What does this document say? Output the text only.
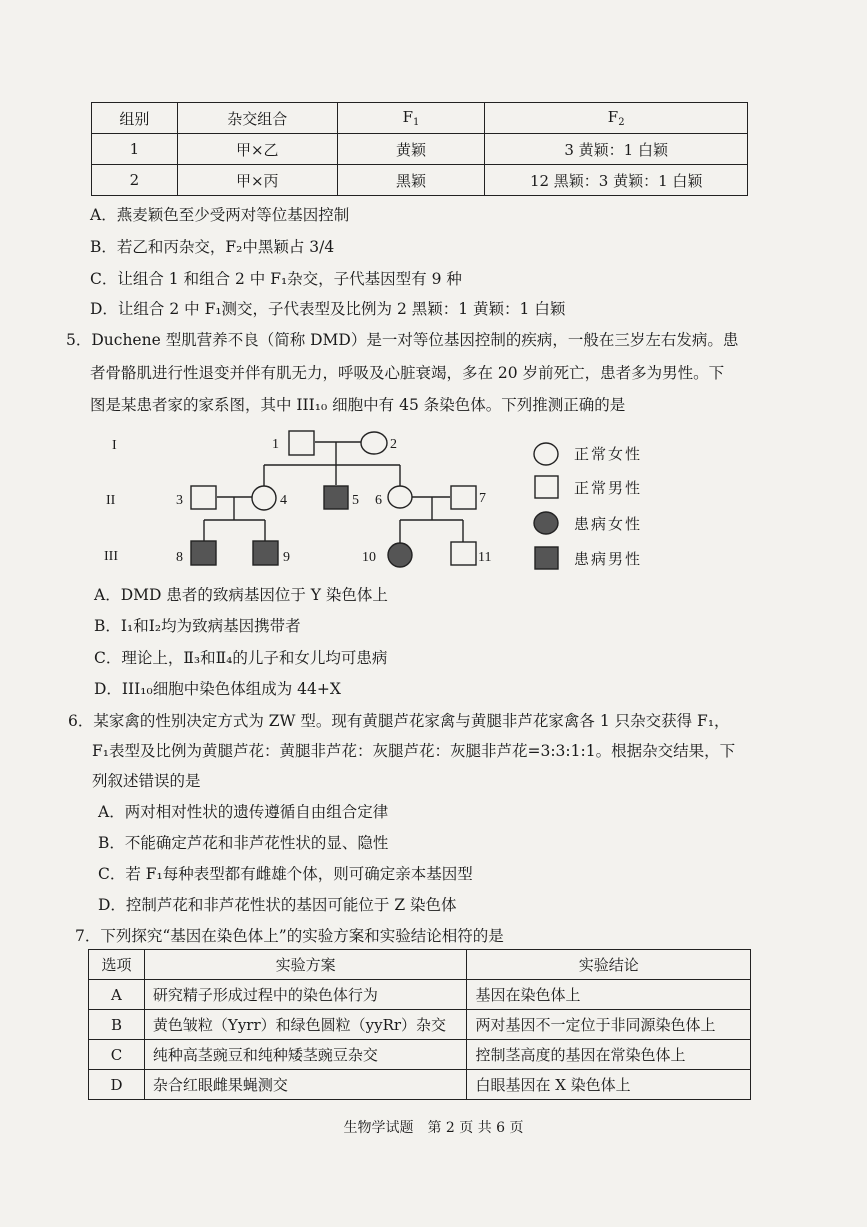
组别	杂交组合	$F_1$	$F_2$
1	甲×乙	黄颖	3 黄颖：1 白颖
2	甲×丙	黑颖	12 黑颖：3 黄颖：1 白颖
A．燕麦颖色至少受两对等位基因控制
B．若乙和丙杂交，F₂中黑颖占 3/4
C．让组合 1 和组合 2 中 F₁杂交，子代基因型有 9 种
D．让组合 2 中 F₁测交，子代表型及比例为 2 黑颖：1 黄颖：1 白颖
5．Duchene 型肌营养不良（简称 DMD）是一对等位基因控制的疾病，一般在三岁左右发病。患
者骨骼肌进行性退变并伴有肌无力，呼吸及心脏衰竭，多在 20 岁前死亡，患者多为男性。下
图是某患者家的家系图，其中 III₁₀ 细胞中有 45 条染色体。下列推测正确的是
I
II
III
1	2
3	4	5 6	7
8	9	10	11
正常女性
正常男性
患病女性
患病男性
A．DMD 患者的致病基因位于 Y 染色体上
B．Ⅰ₁和Ⅰ₂均为致病基因携带者
C．理论上，Ⅱ₃和Ⅱ₄的儿子和女儿均可患病
D．III₁₀细胞中染色体组成为 44+X
6．某家禽的性别决定方式为 ZW 型。现有黄腿芦花家禽与黄腿非芦花家禽各 1 只杂交获得 F₁，
F₁表型及比例为黄腿芦花：黄腿非芦花：灰腿芦花：灰腿非芦花=3:3:1:1。根据杂交结果，下
列叙述错误的是
A．两对相对性状的遗传遵循自由组合定律
B．不能确定芦花和非芦花性状的显、隐性
C．若 F₁每种表型都有雌雄个体，则可确定亲本基因型
D．控制芦花和非芦花性状的基因可能位于 Z 染色体
7．下列探究“基因在染色体上”的实验方案和实验结论相符的是
选项	实验方案	实验结论
A	研究精子形成过程中的染色体行为	基因在染色体上
B	黄色皱粒（Yyrr）和绿色圆粒（yyRr）杂交	两对基因不一定位于非同源染色体上
C	纯种高茎豌豆和纯种矮茎豌豆杂交	控制茎高度的基因在常染色体上
D	杂合红眼雌果蝇测交	白眼基因在 X 染色体上
生物学试题　第 2 页 共 6 页
